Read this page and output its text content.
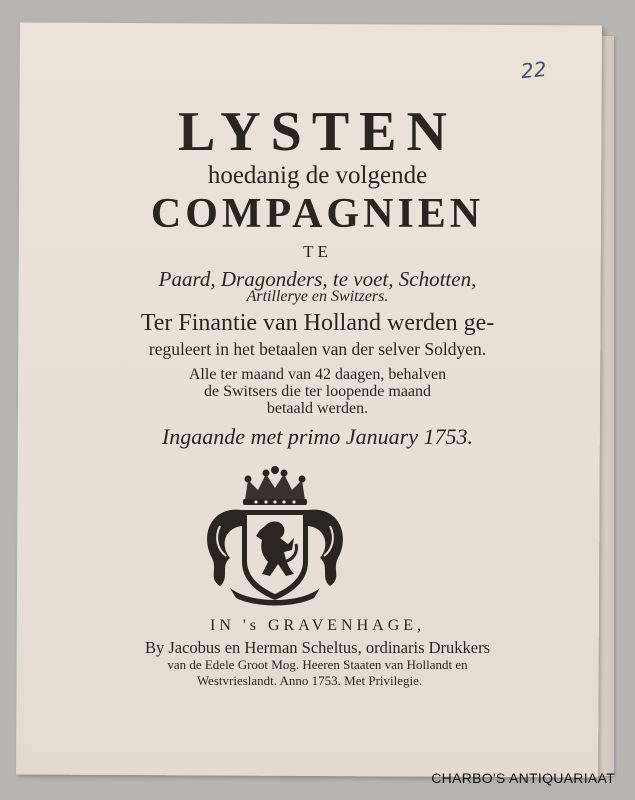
22
LYSTEN
hoedanig de volgende
COMPAGNIEN
TE
Paard, Dragonders, te voet, Schotten,
Artillerye en Switzers.
Ter Finantie van Holland werden ge-
reguleert in het betaalen van der selver Soldyen.
Alle ter maand van 42 daagen, behalven
de Switsers die ter loopende maand
betaald werden.
Ingaande met primo January 1753.
IN 's GRAVENHAGE,
By Jacobus en Herman Scheltus, ordinaris Drukkers
van de Edele Groot Mog. Heeren Staaten van Hollandt en
Westvrieslandt. Anno 1753. Met Privilegie.
CHARBO'S ANTIQUARIAAT
